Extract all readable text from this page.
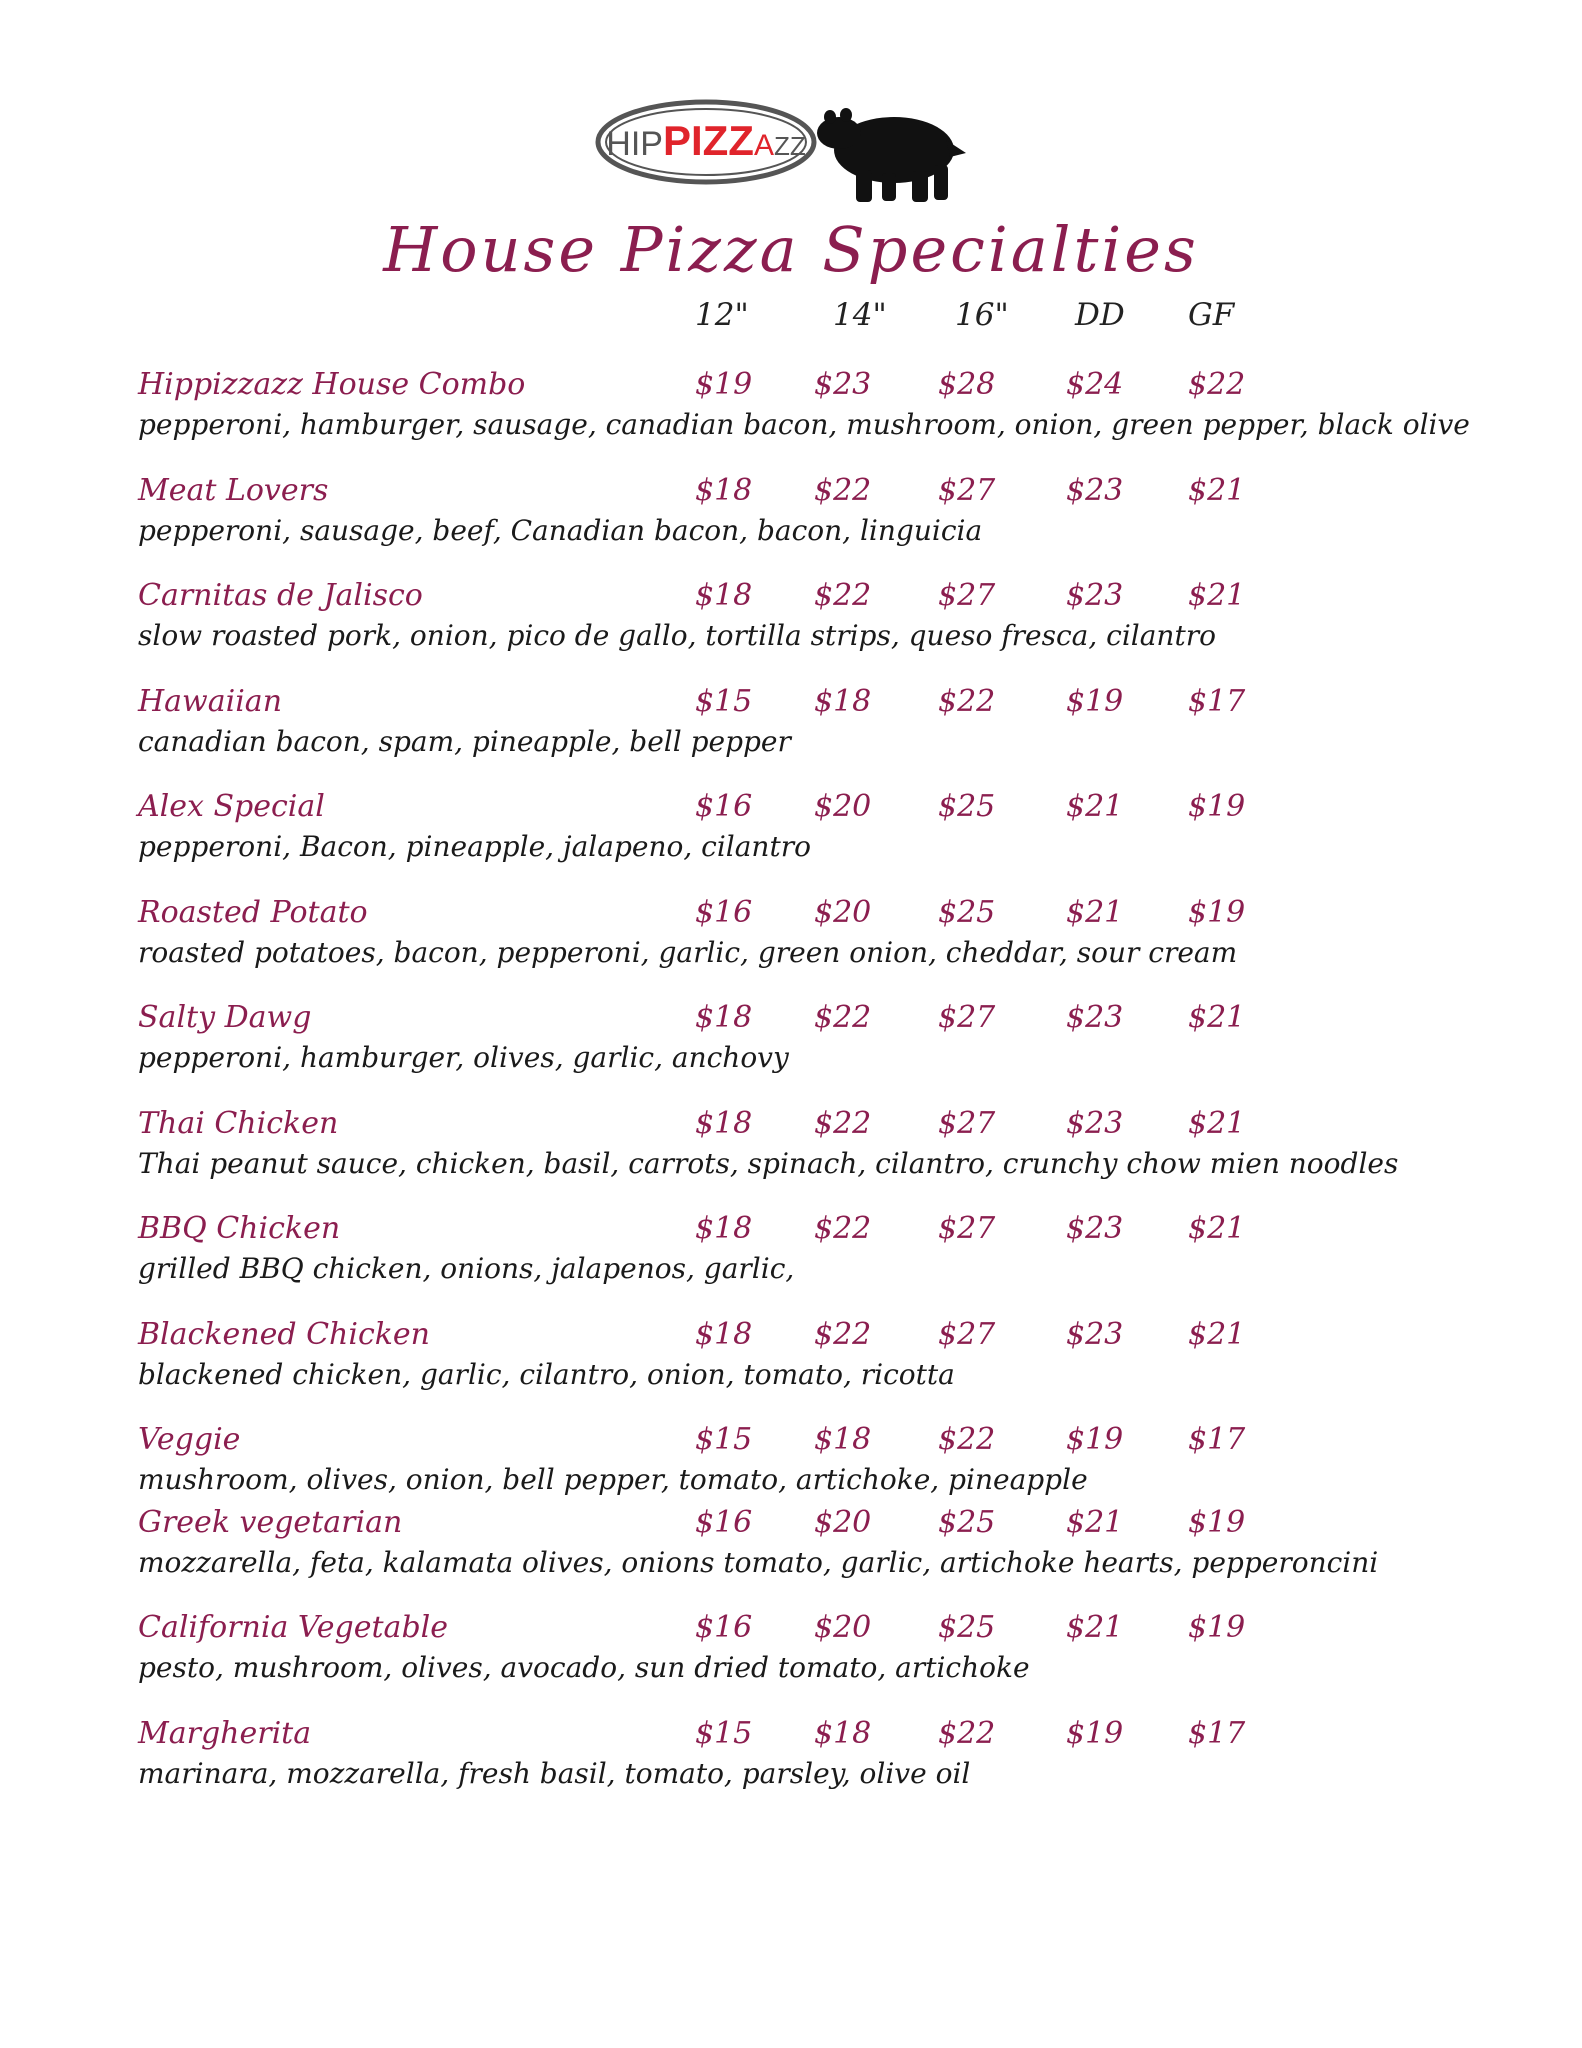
HIPPIZZAZZ
House Pizza Specialties
12"	14" 16" DD GF
Hippizzazz House Combo	$19 $23 $28 $24 $22
pepperoni, hamburger, sausage, canadian bacon, mushroom, onion, green pepper, black olive
Meat Lovers	$18 $22 $27 $23 $21
pepperoni, sausage, beef, Canadian bacon, bacon, linguicia
Carnitas de Jalisco	$18 $22 $27 $23 $21
slow roasted pork, onion, pico de gallo, tortilla strips, queso fresca, cilantro
Hawaiian	$15 $18 $22 $19 $17
canadian bacon, spam, pineapple, bell pepper
Alex Special	$16 $20 $25 $21 $19
pepperoni, Bacon, pineapple, jalapeno, cilantro
Roasted Potato	$16 $20 $25 $21 $19
roasted potatoes, bacon, pepperoni, garlic, green onion, cheddar, sour cream
Salty Dawg	$18 $22 $27 $23 $21
pepperoni, hamburger, olives, garlic, anchovy
Thai Chicken	$18 $22 $27 $23 $21
Thai peanut sauce, chicken, basil, carrots, spinach, cilantro, crunchy chow mien noodles
BBQ Chicken	$18 $22 $27 $23 $21
grilled BBQ chicken, onions, jalapenos, garlic,
Blackened Chicken	$18 $22 $27 $23 $21
blackened chicken, garlic, cilantro, onion, tomato, ricotta
Veggie	$15 $18 $22 $19 $17
mushroom, olives, onion, bell pepper, tomato, artichoke, pineapple
Greek vegetarian	$16 $20 $25 $21 $19
mozzarella, feta, kalamata olives, onions tomato, garlic, artichoke hearts, pepperoncini
California Vegetable	$16 $20 $25 $21 $19
pesto, mushroom, olives, avocado, sun dried tomato, artichoke
Margherita	$15 $18 $22 $19 $17
marinara, mozzarella, fresh basil, tomato, parsley, olive oil
